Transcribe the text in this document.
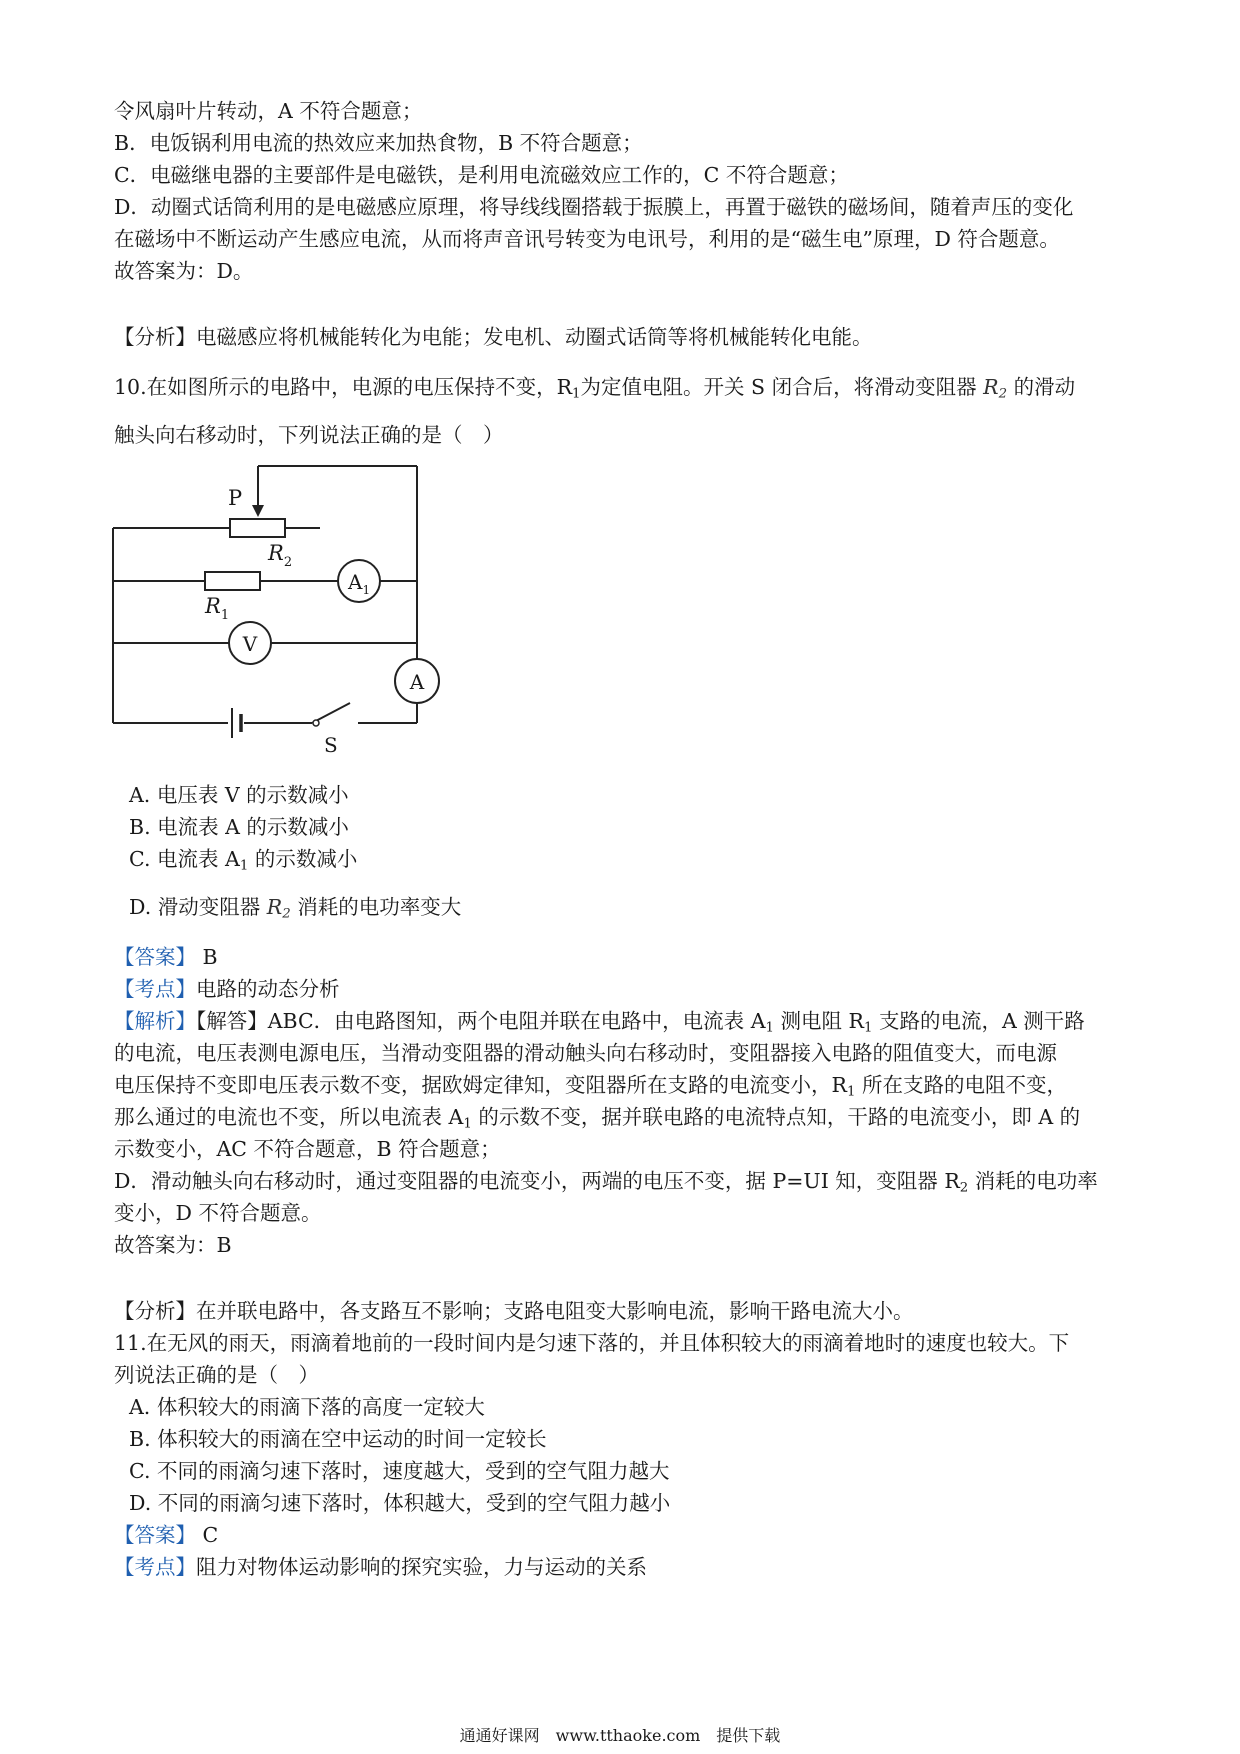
令风扇叶片转动，A 不符合题意；
B．电饭锅利用电流的热效应来加热食物，B 不符合题意；
C．电磁继电器的主要部件是电磁铁，是利用电流磁效应工作的，C 不符合题意；
D．动圈式话筒利用的是电磁感应原理，将导线线圈搭载于振膜上，再置于磁铁的磁场间，随着声压的变化
在磁场中不断运动产生感应电流，从而将声音讯号转变为电讯号，利用的是“磁生电”原理，D 符合题意。
故答案为：D。
【分析】电磁感应将机械能转化为电能；发电机、动圈式话筒等将机械能转化电能。
10.在如图所示的电路中，电源的电压保持不变，$R_1$为定值电阻。开关 S 闭合后，将滑动变阻器 $R_2$ 的滑动
触头向右移动时，下列说法正确的是（　）
P
$R_2$
$R_1$
$A_1$
V
A
S
A. 电压表 V 的示数减小
B. 电流表 A 的示数减小
C. 电流表 $A_1$ 的示数减小
D. 滑动变阻器 $R_2$ 消耗的电功率变大
【答案】 B
【考点】电路的动态分析
【解析】【解答】ABC．由电路图知，两个电阻并联在电路中，电流表 $A_1$ 测电阻 $R_1$ 支路的电流，A 测干路
的电流，电压表测电源电压，当滑动变阻器的滑动触头向右移动时，变阻器接入电路的阻值变大，而电源
电压保持不变即电压表示数不变，据欧姆定律知，变阻器所在支路的电流变小，$R_1$ 所在支路的电阻不变，
那么通过的电流也不变，所以电流表 $A_1$ 的示数不变，据并联电路的电流特点知，干路的电流变小，即 A 的
示数变小，AC 不符合题意，B 符合题意；
D．滑动触头向右移动时，通过变阻器的电流变小，两端的电压不变，据 P=UI 知，变阻器 $R_2$ 消耗的电功率
变小，D 不符合题意。
故答案为：B
【分析】在并联电路中，各支路互不影响；支路电阻变大影响电流，影响干路电流大小。
11.在无风的雨天，雨滴着地前的一段时间内是匀速下落的，并且体积较大的雨滴着地时的速度也较大。下
列说法正确的是（　）
A. 体积较大的雨滴下落的高度一定较大
B. 体积较大的雨滴在空中运动的时间一定较长
C. 不同的雨滴匀速下落时，速度越大，受到的空气阻力越大
D. 不同的雨滴匀速下落时，体积越大，受到的空气阻力越小
【答案】 C
【考点】阻力对物体运动影响的探究实验，力与运动的关系
通通好课网　www.tthaoke.com　提供下载
